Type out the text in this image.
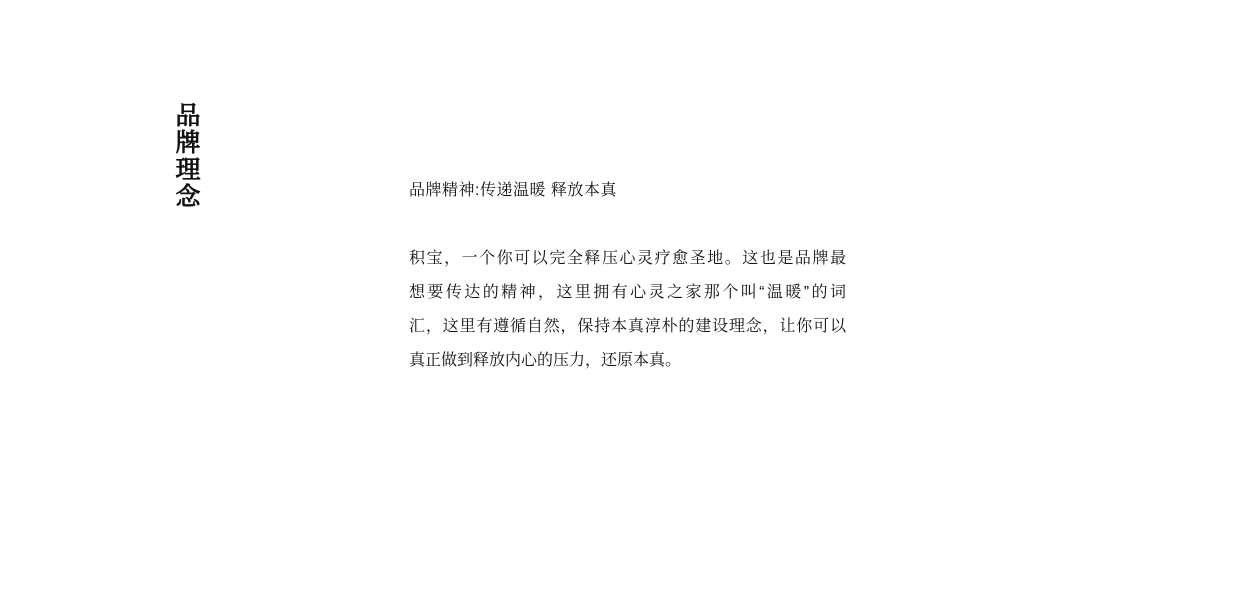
品牌理念	品牌精神:传递温暖 释放本真
积宝，一个你可以完全释压心灵疗愈圣地。这也是品牌最
想要传达的精神，这里拥有心灵之家那个叫“温暖”的词
汇，这里有遵循自然，保持本真淳朴的建设理念，让你可以
真正做到释放内心的压力，还原本真。
